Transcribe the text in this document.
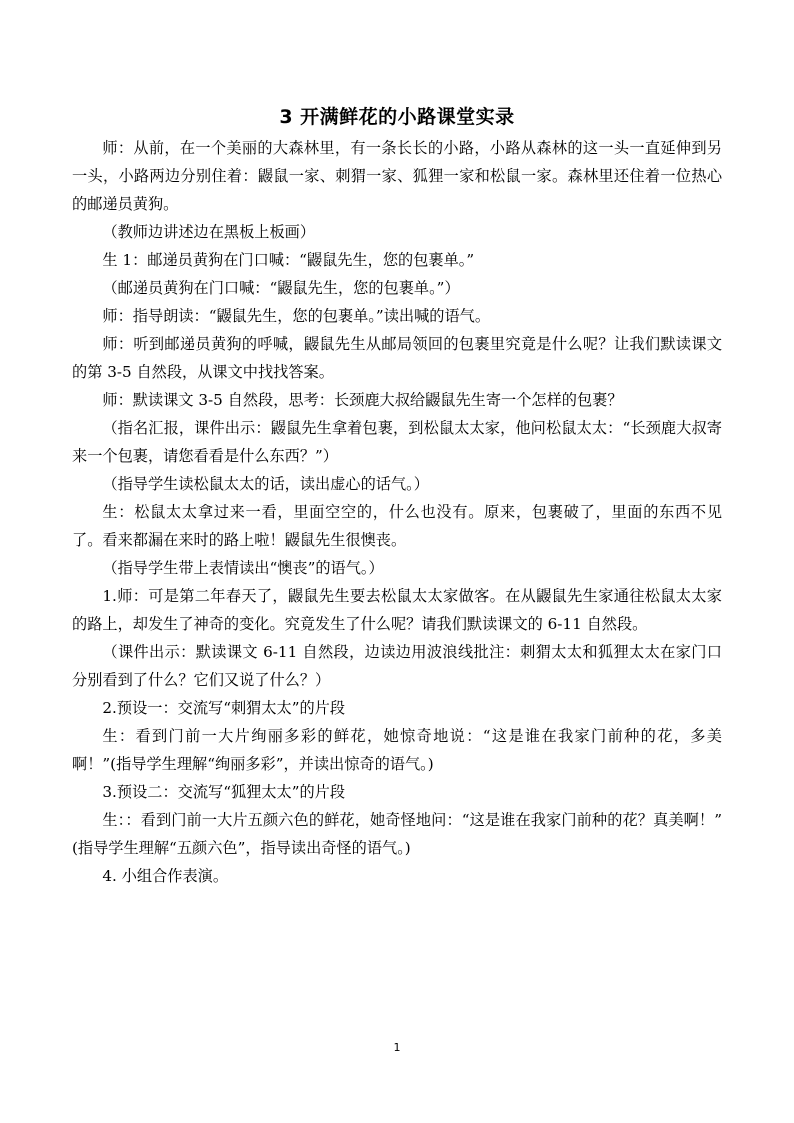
3 开满鲜花的小路课堂实录

师：从前，在一个美丽的大森林里，有一条长长的小路，小路从森林的这一头一直延伸到另一头，小路两边分别住着：鼹鼠一家、刺猬一家、狐狸一家和松鼠一家。森林里还住着一位热心的邮递员黄狗。

（教师边讲述边在黑板上板画）

生 1：邮递员黄狗在门口喊：“鼹鼠先生，您的包裹单。”

（邮递员黄狗在门口喊：“鼹鼠先生，您的包裹单。”）

师：指导朗读：“鼹鼠先生，您的包裹单。”读出喊的语气。

师：听到邮递员黄狗的呼喊，鼹鼠先生从邮局领回的包裹里究竟是什么呢？让我们默读课文的第 3-5 自然段，从课文中找找答案。

师：默读课文 3-5 自然段，思考：长颈鹿大叔给鼹鼠先生寄一个怎样的包裹？

（指名汇报，课件出示：鼹鼠先生拿着包裹，到松鼠太太家，他问松鼠太太：“长颈鹿大叔寄来一个包裹，请您看看是什么东西？”）

（指导学生读松鼠太太的话，读出虚心的话气。）

生：松鼠太太拿过来一看，里面空空的，什么也没有。原来，包裹破了，里面的东西不见了。看来都漏在来时的路上啦！鼹鼠先生很懊丧。

（指导学生带上表情读出“懊丧”的语气。）

1.师：可是第二年春天了，鼹鼠先生要去松鼠太太家做客。在从鼹鼠先生家通往松鼠太太家的路上，却发生了神奇的变化。究竟发生了什么呢？请我们默读课文的 6-11 自然段。

（课件出示：默读课文 6-11 自然段，边读边用波浪线批注：刺猬太太和狐狸太太在家门口分别看到了什么？它们又说了什么？）

2.预设一：交流写“刺猬太太”的片段

生：看到门前一大片绚丽多彩的鲜花，她惊奇地说：“这是谁在我家门前种的花，多美啊！”(指导学生理解“绚丽多彩”，并读出惊奇的语气。)

3.预设二：交流写“狐狸太太”的片段

生：：看到门前一大片五颜六色的鲜花，她奇怪地问：“这是谁在我家门前种的花？真美啊！”　　(指导学生理解“五颜六色”，指导读出奇怪的语气。)

4. 小组合作表演。

1
